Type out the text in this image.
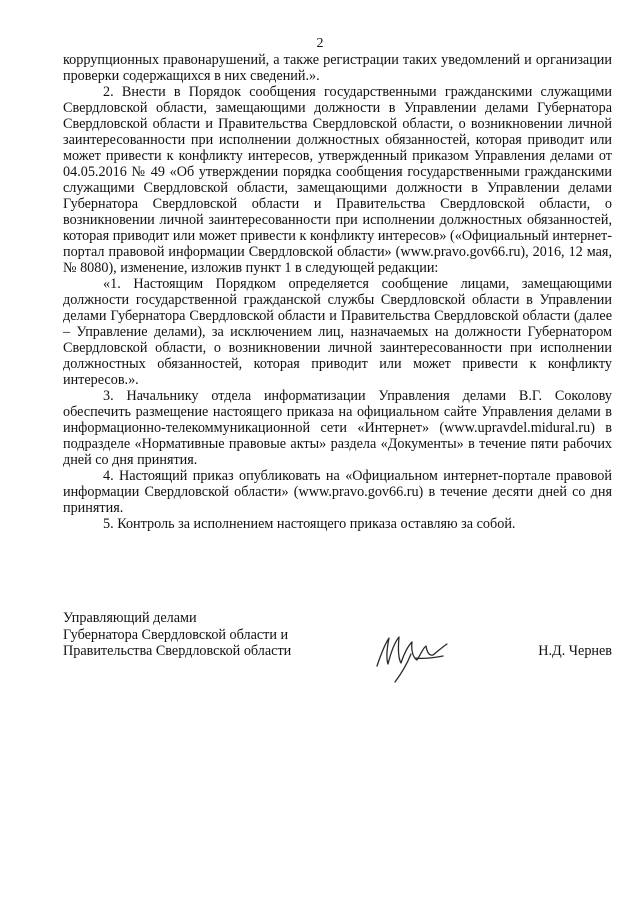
2

коррупционных правонарушений, а также регистрации таких уведомлений и организации проверки содержащихся в них сведений.».

2. Внести в Порядок сообщения государственными гражданскими служащими Свердловской области, замещающими должности в Управлении делами Губернатора Свердловской области и Правительства Свердловской области, о возникновении личной заинтересованности при исполнении должностных обязанностей, которая приводит или может привести к конфликту интересов, утвержденный приказом Управления делами от 04.05.2016 № 49 «Об утверждении порядка сообщения государственными гражданскими служащими Свердловской области, замещающими должности в Управлении делами Губернатора Свердловской области и Правительства Свердловской области, о возникновении личной заинтересованности при исполнении должностных обязанностей, которая приводит или может привести к конфликту интересов» («Официальный интернет-портал правовой информации Свердловской области» (www.pravo.gov66.ru), 2016, 12 мая, № 8080), изменение, изложив пункт 1 в следующей редакции:

«1. Настоящим Порядком определяется сообщение лицами, замещающими должности государственной гражданской службы Свердловской области в Управлении делами Губернатора Свердловской области и Правительства Свердловской области (далее – Управление делами), за исключением лиц, назначаемых на должности Губернатором Свердловской области, о возникновении личной заинтересованности при исполнении должностных обязанностей, которая приводит или может привести к конфликту интересов.».

3. Начальнику отдела информатизации Управления делами В.Г. Соколову обеспечить размещение настоящего приказа на официальном сайте Управления делами в информационно-телекоммуникационной сети «Интернет» (www.upravdel.midural.ru) в подразделе «Нормативные правовые акты» раздела «Документы» в течение пяти рабочих дней со дня принятия.

4. Настоящий приказ опубликовать на «Официальном интернет-портале правовой информации Свердловской области» (www.pravo.gov66.ru) в течение десяти дней со дня принятия.

5. Контроль за исполнением настоящего приказа оставляю за собой.

Управляющий делами
Губернатора Свердловской области и
Правительства Свердловской области	Н.Д. Чернев
